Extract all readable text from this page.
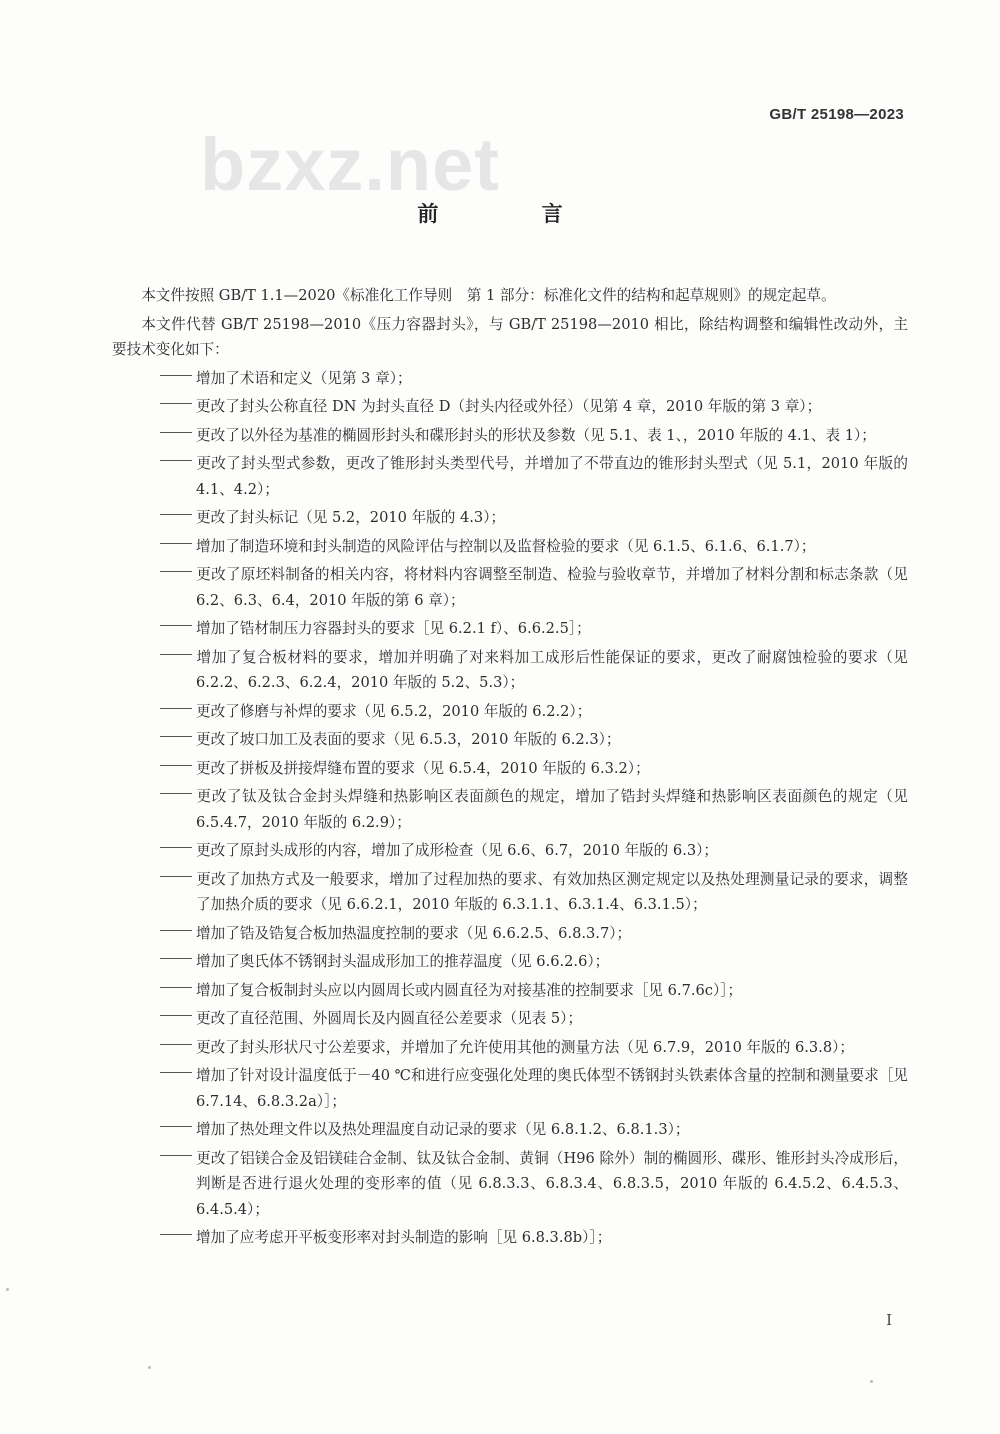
GB/T 25198—2023
bzxz.net
前 言

本文件按照 GB/T 1.1—2020《标准化工作导则　第 1 部分：标准化文件的结构和起草规则》的规定起草。

本文件代替 GB/T 25198—2010《压力容器封头》，与 GB/T 25198—2010 相比，除结构调整和编辑性改动外，主要技术变化如下：

增加了术语和定义（见第 3 章）；
更改了封头公称直径 DN 为封头直径 D（封头内径或外径）（见第 4 章，2010 年版的第 3 章）；
更改了以外径为基准的椭圆形封头和碟形封头的形状及参数（见 5.1、表 1、，2010 年版的 4.1、表 1）；
更改了封头型式参数，更改了锥形封头类型代号，并增加了不带直边的锥形封头型式（见 5.1，2010 年版的 4.1、4.2）；
更改了封头标记（见 5.2，2010 年版的 4.3）；
增加了制造环境和封头制造的风险评估与控制以及监督检验的要求（见 6.1.5、6.1.6、6.1.7）；
更改了原坯料制备的相关内容，将材料内容调整至制造、检验与验收章节，并增加了材料分割和标志条款（见 6.2、6.3、6.4，2010 年版的第 6 章）；
增加了锆材制压力容器封头的要求［见 6.2.1 f）、6.6.2.5］；
增加了复合板材料的要求，增加并明确了对来料加工成形后性能保证的要求，更改了耐腐蚀检验的要求（见 6.2.2、6.2.3、6.2.4，2010 年版的 5.2、5.3）；
更改了修磨与补焊的要求（见 6.5.2，2010 年版的 6.2.2）；
更改了坡口加工及表面的要求（见 6.5.3，2010 年版的 6.2.3）；
更改了拼板及拼接焊缝布置的要求（见 6.5.4，2010 年版的 6.3.2）；
更改了钛及钛合金封头焊缝和热影响区表面颜色的规定，增加了锆封头焊缝和热影响区表面颜色的规定（见 6.5.4.7，2010 年版的 6.2.9）；
更改了原封头成形的内容，增加了成形检查（见 6.6、6.7，2010 年版的 6.3）；
更改了加热方式及一般要求，增加了过程加热的要求、有效加热区测定规定以及热处理测量记录的要求，调整了加热介质的要求（见 6.6.2.1，2010 年版的 6.3.1.1、6.3.1.4、6.3.1.5）；
增加了锆及锆复合板加热温度控制的要求（见 6.6.2.5、6.8.3.7）；
增加了奥氏体不锈钢封头温成形加工的推荐温度（见 6.6.2.6）；
增加了复合板制封头应以内圆周长或内圆直径为对接基准的控制要求［见 6.7.6c）］；
更改了直径范围、外圆周长及内圆直径公差要求（见表 5）；
更改了封头形状尺寸公差要求，并增加了允许使用其他的测量方法（见 6.7.9，2010 年版的 6.3.8）；
增加了针对设计温度低于－40 ℃和进行应变强化处理的奥氏体型不锈钢封头铁素体含量的控制和测量要求［见 6.7.14、6.8.3.2a）］；
增加了热处理文件以及热处理温度自动记录的要求（见 6.8.1.2、6.8.1.3）；
更改了铝镁合金及铝镁硅合金制、钛及钛合金制、黄铜（H96 除外）制的椭圆形、碟形、锥形封头冷成形后，判断是否进行退火处理的变形率的值（见 6.8.3.3、6.8.3.4、6.8.3.5，2010 年版的 6.4.5.2、6.4.5.3、6.4.5.4）；
增加了应考虑开平板变形率对封头制造的影响［见 6.8.3.8b）］；
I
